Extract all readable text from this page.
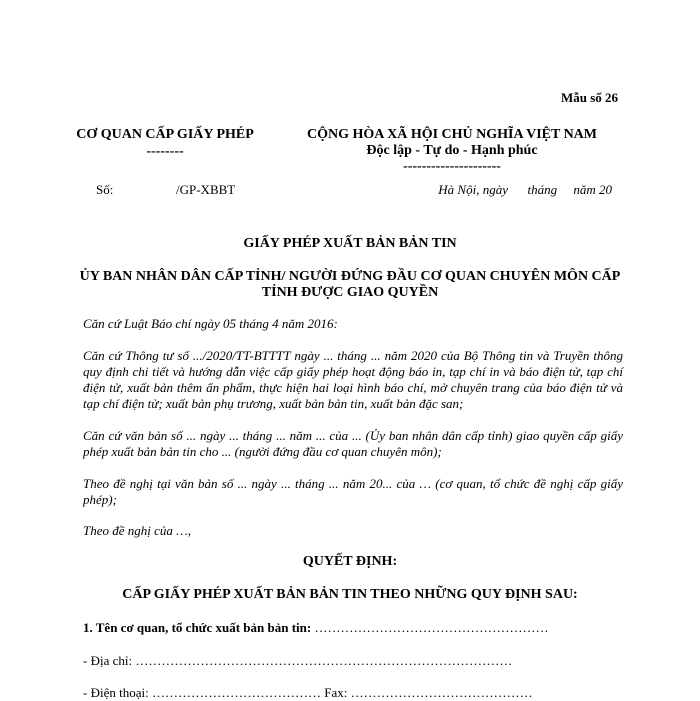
Mẫu số 26
CƠ QUAN CẤP GIẤY PHÉP
--------
CỘNG HÒA XÃ HỘI CHỦ NGHĨA VIỆT NAM
Độc lập - Tự do - Hạnh phúc
---------------------
Số:	/GP-XBBT	Hà Nội, ngày      tháng     năm 20
GIẤY PHÉP XUẤT BẢN BẢN TIN
ỦY BAN NHÂN DÂN CẤP TỈNH/ NGƯỜI ĐỨNG ĐẦU CƠ QUAN CHUYÊN MÔN CẤP TỈNH ĐƯỢC GIAO QUYỀN
Căn cứ Luật Báo chí ngày 05 tháng 4 năm 2016:
Căn cứ Thông tư số .../2020/TT-BTTTT ngày ... tháng ... năm 2020 của Bộ Thông tin và Truyền thông quy định chi tiết và hướng dẫn việc cấp giấy phép hoạt động báo in, tạp chí in và báo điện tử, tạp chí điện tử, xuất bản thêm ấn phẩm, thực hiện hai loại hình báo chí, mở chuyên trang của báo điện tử và tạp chí điện tử; xuất bản phụ trương, xuất bản bản tin, xuất bản đặc san;
Căn cứ văn bản số ... ngày ... tháng ... năm ... của ... (Ủy ban nhân dân cấp tỉnh) giao quyền cấp giấy phép xuất bản bản tin cho ... (người đứng đầu cơ quan chuyên môn);
Theo đề nghị tại văn bản số ... ngày ... tháng ... năm 20... của … (cơ quan, tổ chức đề nghị cấp giấy phép);
Theo đề nghị của …,
QUYẾT ĐỊNH:
CẤP GIẤY PHÉP XUẤT BẢN BẢN TIN THEO NHỮNG QUY ĐỊNH SAU:
1. Tên cơ quan, tổ chức xuất bản bản tin: ………………………………………………
- Địa chỉ: ……………………………………………………………………………
- Điện thoại: ………………………………… Fax: ……………………………………
